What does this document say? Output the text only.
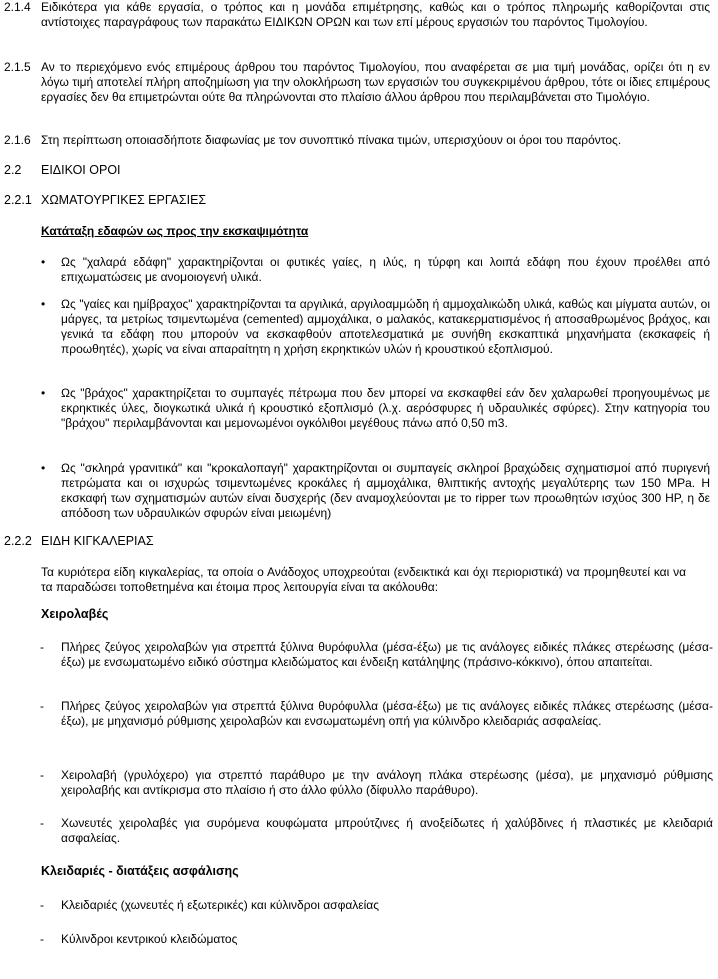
2.1.4 Ειδικότερα για κάθε εργασία, ο τρόπος και η μονάδα επιμέτρησης, καθώς και ο τρόπος πληρωμής καθορίζονται στις αντίστοιχες παραγράφους των παρακάτω ΕΙΔΙΚΩΝ ΟΡΩΝ και των επί μέρους εργασιών του παρόντος Τιμολογίου.
2.1.5 Αν το περιεχόμενο ενός επιμέρους άρθρου του παρόντος Τιμολογίου, που αναφέρεται σε μια τιμή μονάδας, ορίζει ότι η εν λόγω τιμή αποτελεί πλήρη αποζημίωση για την ολοκλήρωση των εργασιών του συγκεκριμένου άρθρου, τότε οι ίδιες επιμέρους εργασίες δεν θα επιμετρώνται ούτε θα πληρώνονται στο πλαίσιο άλλου άρθρου που περιλαμβάνεται στο Τιμολόγιο.
2.1.6 Στη περίπτωση οποιασδήποτε διαφωνίας με τον συνοπτικό πίνακα τιμών, υπερισχύουν οι όροι του παρόντος.
2.2 ΕΙΔΙΚΟΙ ΟΡΟΙ
2.2.1 ΧΩΜΑΤΟΥΡΓΙΚΕΣ ΕΡΓΑΣΙΕΣ
Κατάταξη εδαφών ως προς την εκσκαψιμότητα
• Ως "χαλαρά εδάφη" χαρακτηρίζονται οι φυτικές γαίες, η ιλύς, η τύρφη και λοιπά εδάφη που έχουν προέλθει από επιχωματώσεις με ανομοιογενή υλικά.
• Ως "γαίες και ημίβραχος" χαρακτηρίζονται τα αργιλικά, αργιλοαμμώδη ή αμμοχαλικώδη υλικά, καθώς και μίγματα αυτών, οι μάργες, τα μετρίως τσιμεντωμένα (cemented) αμμοχάλικα, ο μαλακός, κατακερματισμένος ή αποσαθρωμένος βράχος, και γενικά τα εδάφη που μπορούν να εκσκαφθούν αποτελεσματικά με συνήθη εκσκαπτικά μηχανήματα (εκσκαφείς ή προωθητές), χωρίς να είναι απαραίτητη η χρήση εκρηκτικών υλών ή κρουστικού εξοπλισμού.
• Ως "βράχος" χαρακτηρίζεται το συμπαγές πέτρωμα που δεν μπορεί να εκσκαφθεί εάν δεν χαλαρωθεί προηγουμένως με εκρηκτικές ύλες, διογκωτικά υλικά ή κρουστικό εξοπλισμό (λ.χ. αερόσφυρες ή υδραυλικές σφύρες). Στην κατηγορία του "βράχου" περιλαμβάνονται και μεμονωμένοι ογκόλιθοι μεγέθους πάνω από 0,50 m3.
• Ως "σκληρά γρανιτικά" και "κροκαλοπαγή" χαρακτηρίζονται οι συμπαγείς σκληροί βραχώδεις σχηματισμοί από πυριγενή πετρώματα και οι ισχυρώς τσιμεντωμένες κροκάλες ή αμμοχάλικα, θλιπτικής αντοχής μεγαλύτερης των 150 MPa. Η εκσκαφή των σχηματισμών αυτών είναι δυσχερής (δεν αναμοχλεύονται με το ripper των προωθητών ισχύος 300 HP, η δε απόδοση των υδραυλικών σφυρών είναι μειωμένη)
2.2.2 ΕΙΔΗ ΚΙΓΚΑΛΕΡΙΑΣ
Τα κυριότερα είδη κιγκαλερίας, τα οποία ο Ανάδοχος υποχρεούται (ενδεικτικά και όχι περιοριστικά) να προμηθευτεί και να τα παραδώσει τοποθετημένα και έτοιμα προς λειτουργία είναι τα ακόλουθα:
Χειρολαβές
- Πλήρες ζεύγος χειρολαβών για στρεπτά ξύλινα θυρόφυλλα (μέσα-έξω) με τις ανάλογες ειδικές πλάκες στερέωσης (μέσα-έξω) με ενσωματωμένο ειδικό σύστημα κλειδώματος και ένδειξη κατάληψης (πράσινο-κόκκινο), όπου απαιτείται.
- Πλήρες ζεύγος χειρολαβών για στρεπτά ξύλινα θυρόφυλλα (μέσα-έξω) με τις ανάλογες ειδικές πλάκες στερέωσης (μέσα-έξω), με μηχανισμό ρύθμισης χειρολαβών και ενσωματωμένη οπή για κύλινδρο κλειδαριάς ασφαλείας.
- Χειρολαβή (γρυλόχερο) για στρεπτό παράθυρο με την ανάλογη πλάκα στερέωσης (μέσα), με μηχανισμό ρύθμισης χειρολαβής και αντίκρισμα στο πλαίσιο ή στο άλλο φύλλο (δίφυλλο παράθυρο).
- Χωνευτές χειρολαβές για συρόμενα κουφώματα μπρούτζινες ή ανοξείδωτες ή χαλύβδινες ή πλαστικές με κλειδαριά ασφαλείας.
Κλειδαριές - διατάξεις ασφάλισης
- Κλειδαριές (χωνευτές ή εξωτερικές) και κύλινδροι ασφαλείας
- Κύλινδροι κεντρικού κλειδώματος
